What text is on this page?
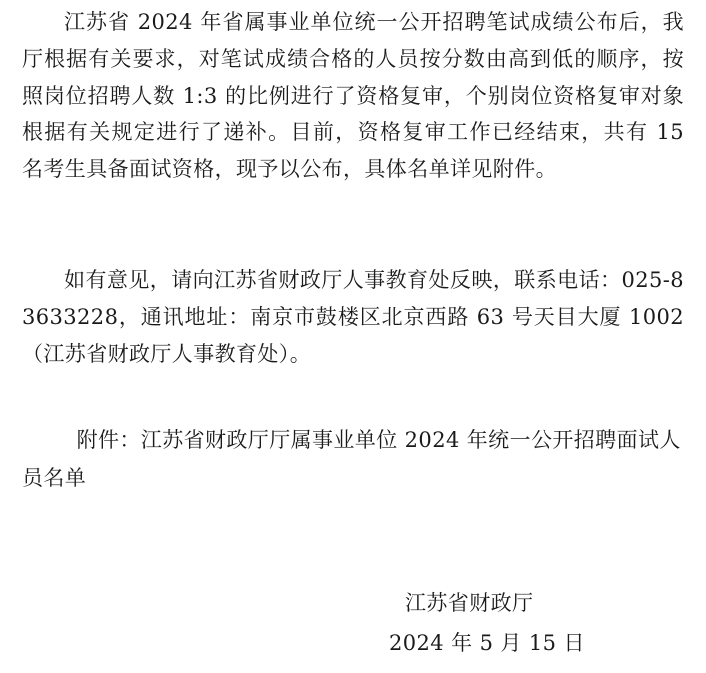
江苏省 2024 年省属事业单位统一公开招聘笔试成绩公布后，我厅根据有关要求，对笔试成绩合格的人员按分数由高到低的顺序，按照岗位招聘人数 1:3 的比例进行了资格复审，个别岗位资格复审对象根据有关规定进行了递补。目前，资格复审工作已经结束，共有 15 名考生具备面试资格，现予以公布，具体名单详见附件。

如有意见，请向江苏省财政厅人事教育处反映，联系电话：025-83633228，通讯地址：南京市鼓楼区北京西路 63 号天目大厦 1002（江苏省财政厅人事教育处）。

附件：江苏省财政厅厅属事业单位 2024 年统一公开招聘面试人员名单

江苏省财政厅
2024 年 5 月 15 日
